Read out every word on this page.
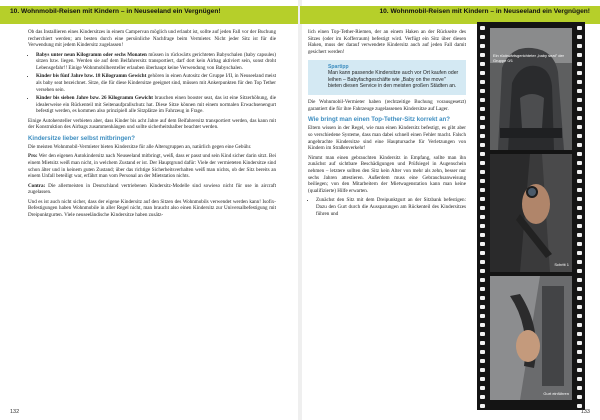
10. Wohnmobil-Reisen mit Kindern – in Neuseeland ein Vergnügen!

Ob das Installieren eines Kindersitzes in einem Campervan möglich und erlaubt ist, sollte auf jeden Fall vor der Buchung recherchiert werden; am besten durch eine persönliche Nachfrage beim Vermieter. Nicht jeder Sitz ist für die Verwendung mit jedem Kindersitz zugelassen!

• Babys unter neun Kilogramm oder sechs Monaten müssen in rückwärts gerichteten Babyschalen (baby capsules) sitzen bzw. liegen. Werden sie auf dem Beifahrersitz transportiert, darf dort kein Airbag aktiviert sein, sonst droht Lebensgefahr!! Einige Wohnmobilhersteller erlauben überhaupt keine Verwendung von Babyschalen.
• Kinder bis fünf Jahre bzw. 18 Kilogramm Gewicht gehören in einen Autositz der Gruppe I/II, in Neuseeland meist als baby seat bezeichnet. Sitze, die für diese Kindersitze geeignet sind, müssen mit Ankerpunkten für den Top Tether versehen sein.
• Kinder bis sieben Jahre bzw. 26 Kilogramm Gewicht brauchen einen booster seat, das ist eine Sitzerhöhung, die idealerweise ein Rückenteil mit Seitenaufprallschutz hat. Diese Sitze können mit einem normalen Erwachsenengurt befestigt werden, es kommen also prinzipiell alle Sitzplätze im Fahrzeug in Frage.

Einige Autohersteller verbieten aber, dass Kinder bis acht Jahre auf dem Beifahrersitz transportiert werden, das kann mit der Konstruktion des Airbags zusammenhängen und sollte sicherheitshalber beachtet werden.

Kindersitze lieber selbst mitbringen?

Die meisten Wohnmobil-Vermieter bieten Kindersitze für alle Altersgruppen an, natürlich gegen eine Gebühr.

Pro: Wer den eigenen Autokindersitz nach Neuseeland mitbringt, weiß, dass er passt und sein Kind sicher darin sitzt. Bei einem Mietsitz weiß man nicht, in welchem Zustand er ist. Der Hauptgrund dafür: Viele der vermieteten Kindersitze sind schon älter und in keinem guten Zustand; über das richtige Sicherheitsverhalten weiß man nichts, ob der Sitz bereits an einem Unfall beteiligt war, erfährt man vom Personal an der Mietstation nichts.

Contra: Die allermeisten in Deutschland vertriebenen Kindersitz-Modelle sind sowieso nicht für use in aircraft zugelassen.

Und es ist auch nicht sicher, dass der eigene Kindersitz auf den Sitzen des Wohnmobils verwendet werden kann! Isofix-Befestigungen haben Wohnmobile in aller Regel nicht, man braucht also einen Kindersitz zur Universalbefestigung mit Dreipunktgurten. Viele neuseeländische Kindersitze haben zusätz-

132
10. Wohnmobil-Reisen mit Kindern – in Neuseeland ein Vergnügen!

lich einen Top-Tether-Riemen, der an einem Haken an der Rückseite des Sitzes (oder im Kofferraum) befestigt wird. Verfügt ein Sitz über diesen Haken, muss der darauf verwendete Kindersitz auch auf jeden Fall damit gesichert werden!

Spartipp
Man kann passende Kindersitze auch vor Ort kaufen oder leihen – Babyfachgeschäfte wie „Baby on the move" bieten diesen Service in den meisten großen Städten an.

Die Wohnmobil-Vermieter haben (rechtzeitige Buchung vorausgesetzt) garantiert die für ihre Fahrzeuge zugelassenen Kindersitze auf Lager.

Wie bringt man einen Top-Tether-Sitz korrekt an?

Eltern wissen in der Regel, wie man einen Kindersitz befestigt, es gibt aber so verschiedene Systeme, dass man dabei schnell einen Fehler macht. Falsch angebrachte Kindersitze sind eine Hauptursache für Verletzungen von Kindern im Straßenverkehr!

Nimmt man einen gebrauchten Kindersitz in Empfang, sollte man ihn zunächst auf sichtbare Beschädigungen und Prüfsiegel in Augenschein nehmen – letztere sollten den Sitz kein Alter von mehr als zehn, besser nur sechs Jahren attestieren. Außerdem muss eine Gebrauchsanweisung beiliegen; von den Mitarbeitern der Mietwagenstation kann man keine (qualifizierte) Hilfe erwarten.

• Zunächst den Sitz mit dem Dreipunktgurt an der Sitzbank befestigen: Dazu den Gurt durch die Aussparungen am Rückenteil des Kindersitzes führen und
Ein rückwärtsgerichteter „baby seat" der Gruppe 0/1
Schritt 1
Gurt einführen
133
